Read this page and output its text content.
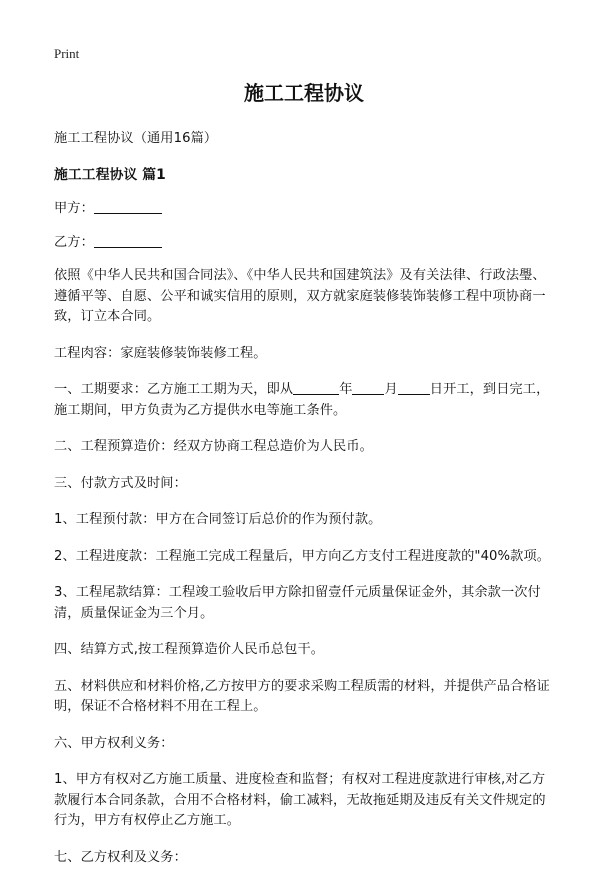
Print
施工工程协议

施工工程协议（通用16篇）

施工工程协议 篇1

甲方：

乙方：

依照《中华人民共和国合同法》、《中华人民共和国建筑法》及有关法律、行政法璺、遵循平等、自愿、公平和诚实信用的原则，双方就家庭装修装饰装修工程中项协商一致，订立本合同。

工程肉容：家庭装修装饰装修工程。

一、工期要求：乙方施工工期为天，即从	年 月 日开工，到日完工，施工期间，甲方负责为乙方提供水电等施工条件。

二、工程预算造价：经双方协商工程总造价为人民币。

三、付款方式及时间：

1、工程预付款：甲方在合同签订后总价的作为预付款。

2、工程进度款：工程施工完成工程量后，甲方向乙方支付工程进度款的"40%款项。

3、工程尾款结算：工程竣工验收后甲方除扣留壹仟元质量保证金外，其余款一次付清，质量保证金为三个月。

四、结算方式,按工程预算造价人民币总包干。

五、材料供应和材料价格,乙方按甲方的要求采购工程质需的材料，并提供产品合格证明，保证不合格材料不用在工程上。

六、甲方权利义务：

1、甲方有权对乙方施工质量、进度检查和监督；有权对工程进度款进行审核,对乙方款履行本合同条款，合用不合格材料，偷工减料，无故拖延期及违反有关文件规定的行为，甲方有权停止乙方施工。

七、乙方权利及义务：
